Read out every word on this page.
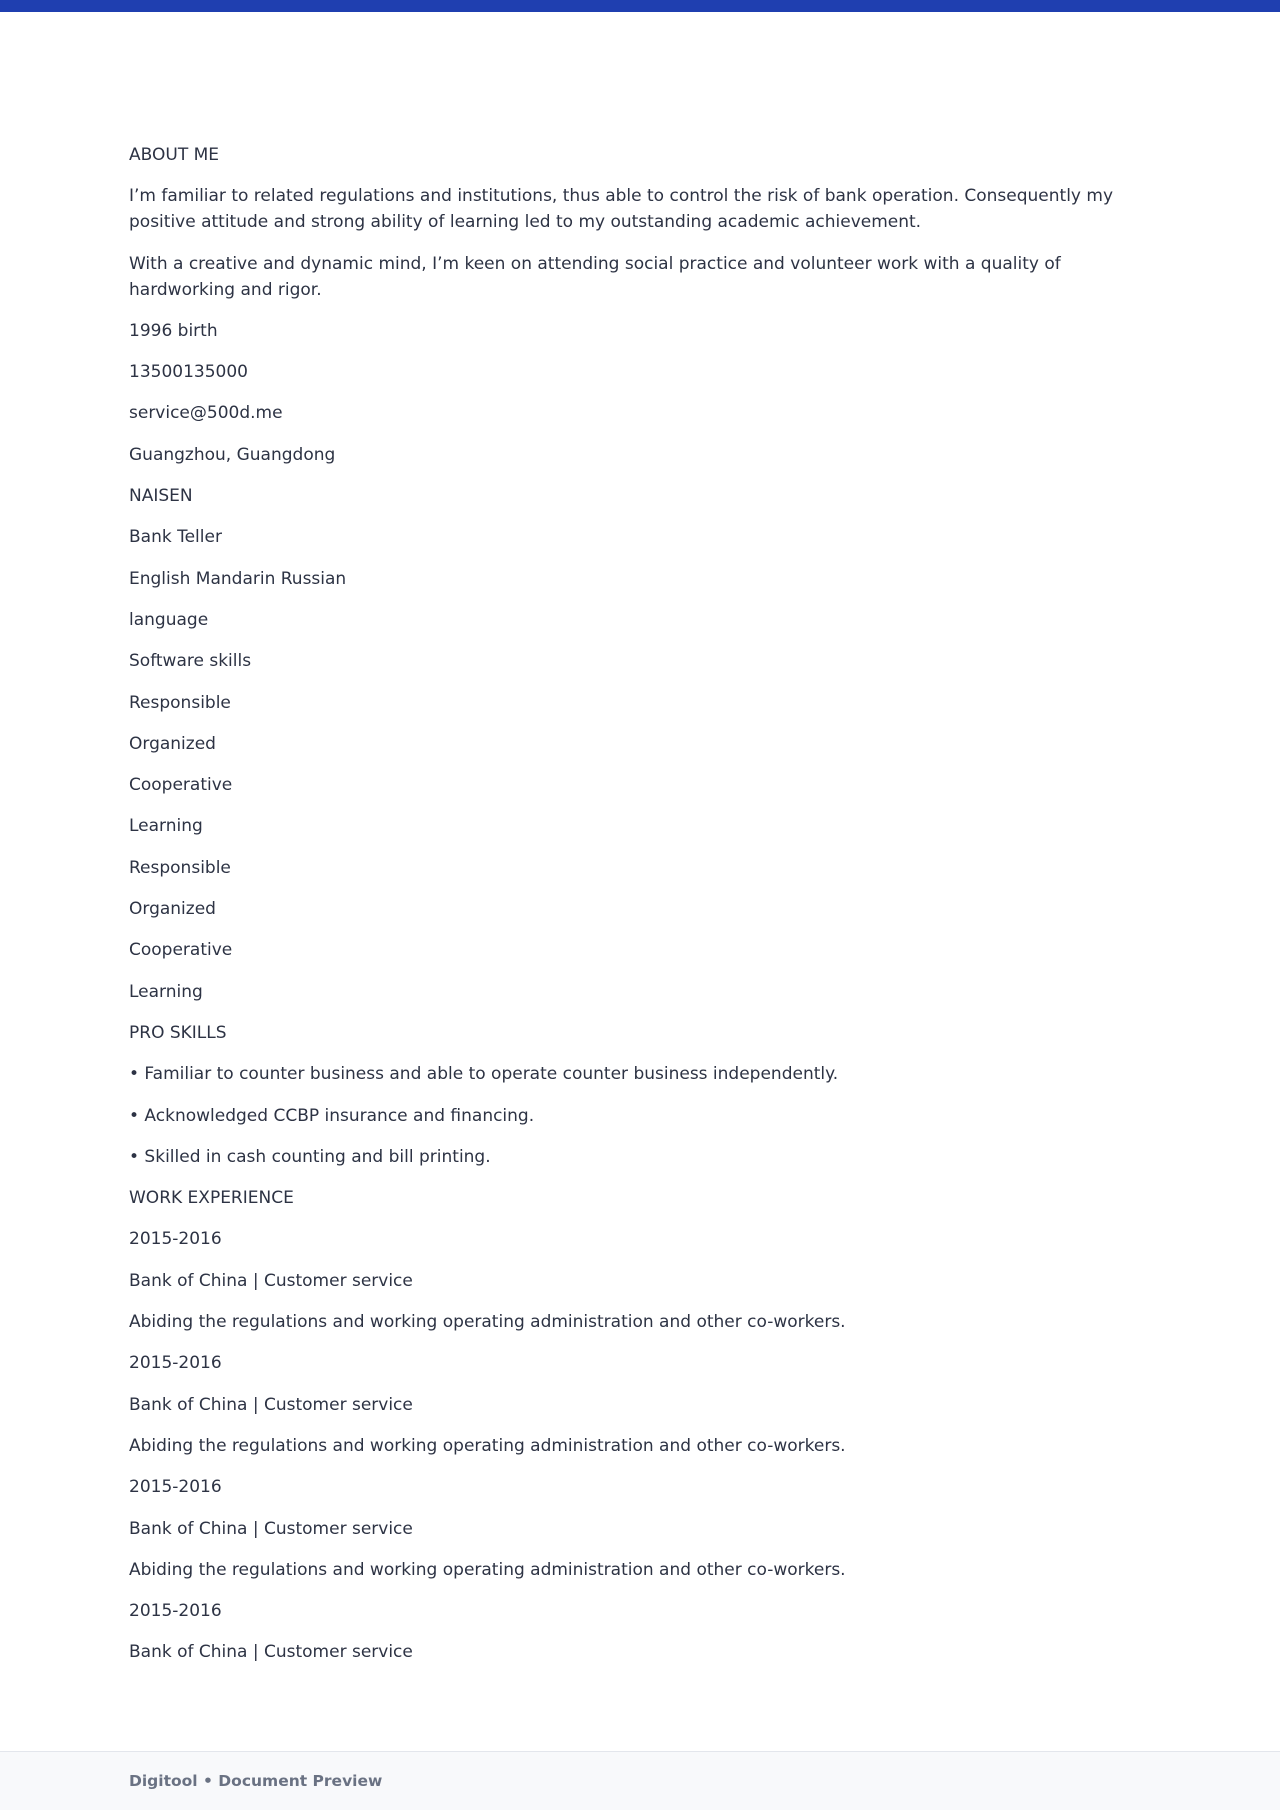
ABOUT ME

I’m familiar to related regulations and institutions, thus able to control the risk of bank operation. Consequently my positive attitude and strong ability of learning led to my outstanding academic achievement.

With a creative and dynamic mind, I’m keen on attending social practice and volunteer work with a quality of hardworking and rigor.

1996 birth

13500135000

service@500d.me

Guangzhou, Guangdong

NAISEN

Bank Teller

English Mandarin Russian

language

Software skills

Responsible

Organized

Cooperative

Learning

Responsible

Organized

Cooperative

Learning

PRO SKILLS

• Familiar to counter business and able to operate counter business independently.

• Acknowledged CCBP insurance and financing.

• Skilled in cash counting and bill printing.

WORK EXPERIENCE

2015-2016

Bank of China | Customer service

Abiding the regulations and working operating administration and other co-workers.

2015-2016

Bank of China | Customer service

Abiding the regulations and working operating administration and other co-workers.

2015-2016

Bank of China | Customer service

Abiding the regulations and working operating administration and other co-workers.

2015-2016

Bank of China | Customer service

Digitool • Document Preview
